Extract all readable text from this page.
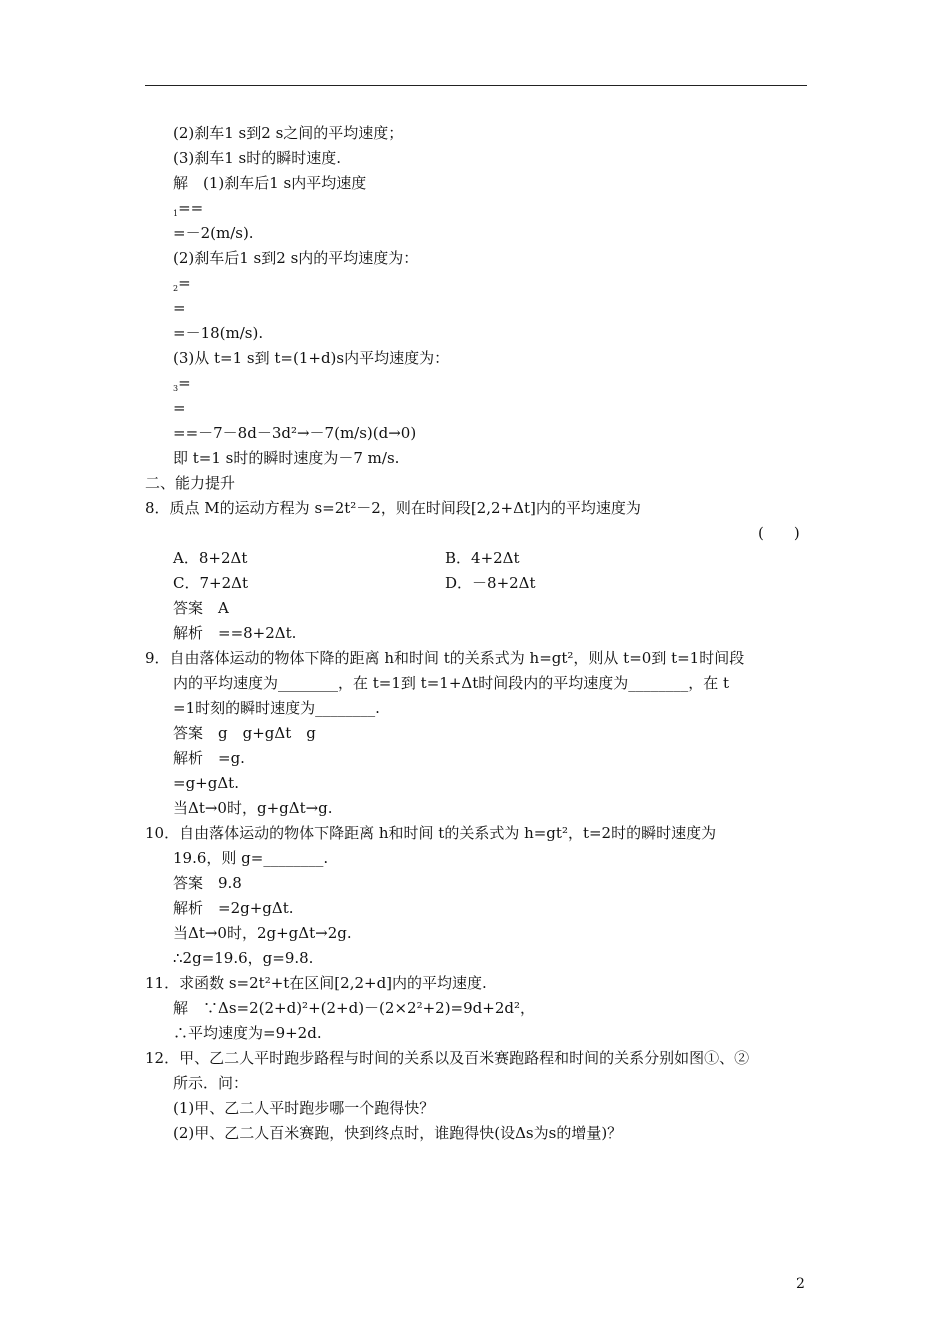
(2)刹车1 s到2 s之间的平均速度；
(3)刹车1 s时的瞬时速度.
解　(1)刹车后1 s内平均速度
$_1$==
=－2(m/s).
(2)刹车后1 s到2 s内的平均速度为：
$_2$=
=
=－18(m/s).
(3)从 t=1 s到 t=(1+d)s内平均速度为：
$_3$=
=
==－7－8d－3d²→－7(m/s)(d→0)
即 t=1 s时的瞬时速度为－7 m/s.
二、能力提升
8．质点 M的运动方程为 s=2t²－2，则在时间段[2,2+Δt]内的平均速度为
(　　)
A．8+2Δt	B．4+2Δt
C．7+2Δt	D．－8+2Δt
答案　A
解析　==8+2Δt.
9．自由落体运动的物体下降的距离 h和时间 t的关系式为 h=gt²，则从 t=0到 t=1时间段
内的平均速度为________，在 t=1到 t=1+Δt时间段内的平均速度为________，在 t
=1时刻的瞬时速度为________.
答案　g　g+gΔt　g
解析　=g.
=g+gΔt.
当Δt→0时，g+gΔt→g.
10．自由落体运动的物体下降距离 h和时间 t的关系式为 h=gt²，t=2时的瞬时速度为
19.6，则 g=________.
答案　9.8
解析　=2g+gΔt.
当Δt→0时，2g+gΔt→2g.
∴2g=19.6，g=9.8.
11．求函数 s=2t²+t在区间[2,2+d]内的平均速度.
解　∵Δs=2(2+d)²+(2+d)－(2×2²+2)=9d+2d²，
∴平均速度为=9+2d.
12．甲、乙二人平时跑步路程与时间的关系以及百米赛跑路程和时间的关系分别如图①、②
所示．问：
(1)甲、乙二人平时跑步哪一个跑得快？
(2)甲、乙二人百米赛跑，快到终点时，谁跑得快(设Δs为s的增量)？
2
